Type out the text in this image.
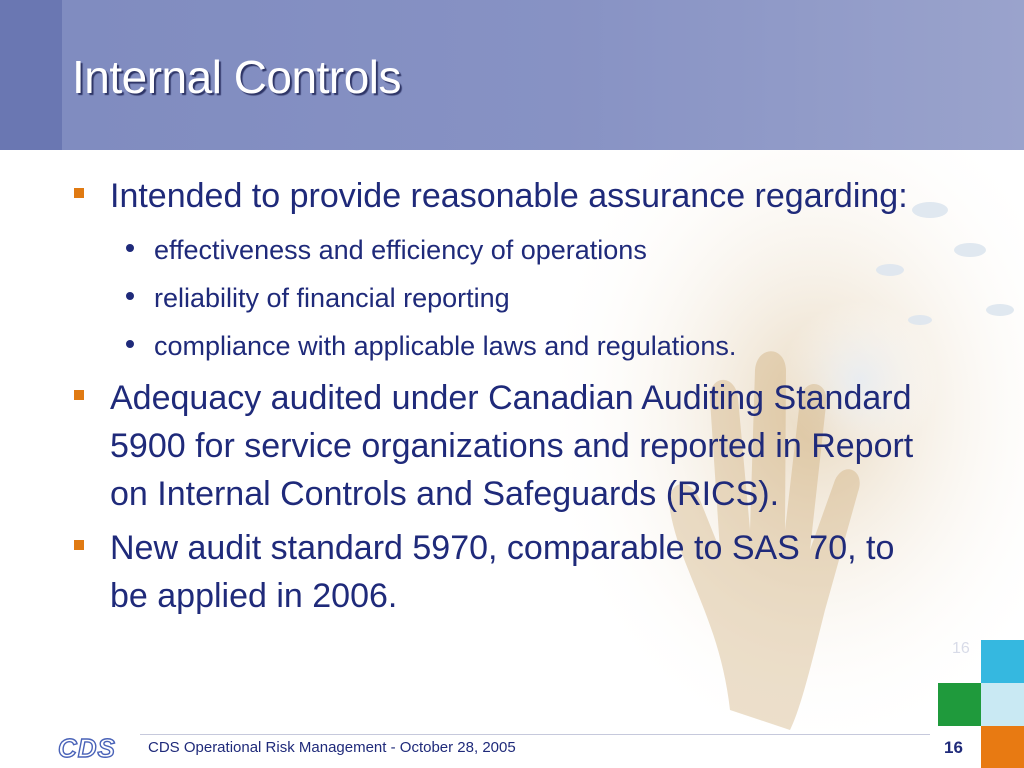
Internal Controls
Intended to provide reasonable assurance regarding:
effectiveness and efficiency of operations
reliability of financial reporting
compliance with applicable laws and regulations.
Adequacy audited under Canadian Auditing Standard 5900 for service organizations and reported in Report on Internal Controls and Safeguards (RICS).
New audit standard 5970, comparable to SAS 70, to be applied in 2006.
16
CDS CDS Operational Risk Management - October 28, 2005	16
